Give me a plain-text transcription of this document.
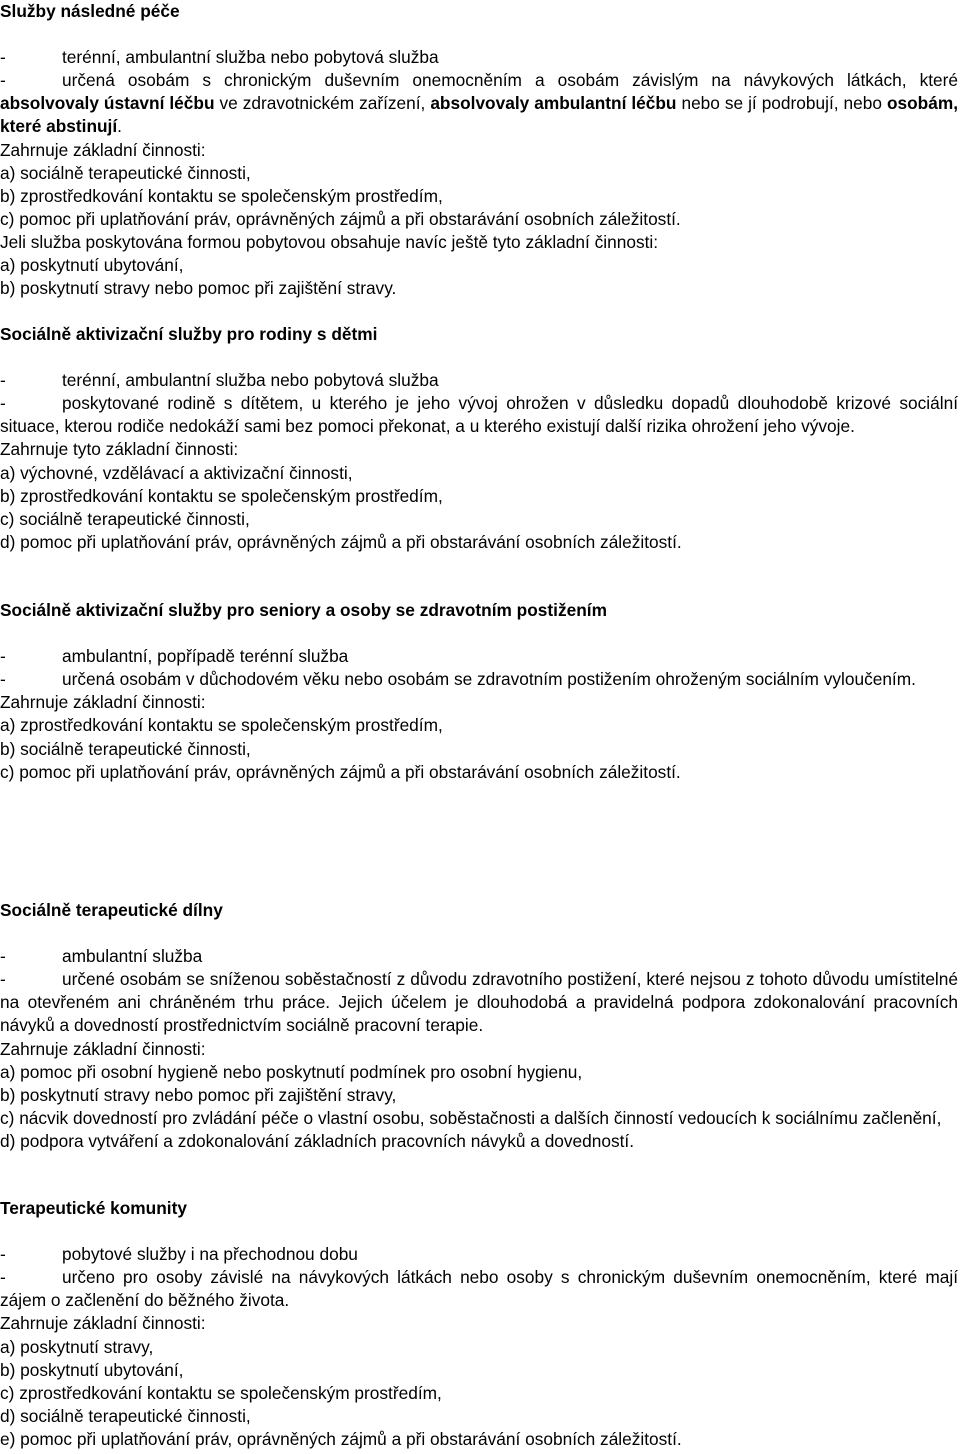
Služby následné péče

-	terénní, ambulantní služba nebo pobytová služba

-	určená osobám s chronickým duševním onemocněním a osobám závislým na návykových látkách, které absolvovaly ústavní léčbu ve zdravotnickém zařízení, absolvovaly ambulantní léčbu nebo se jí podrobují, nebo osobám, které abstinují.

Zahrnuje základní činnosti:

a) sociálně terapeutické činnosti,

b) zprostředkování kontaktu se společenským prostředím,

c) pomoc při uplatňování práv, oprávněných zájmů a při obstarávání osobních záležitostí.

Jeli služba poskytována formou pobytovou obsahuje navíc ještě tyto základní činnosti:

a) poskytnutí ubytování,

b) poskytnutí stravy nebo pomoc při zajištění stravy.

Sociálně aktivizační služby pro rodiny s dětmi

-	terénní, ambulantní služba nebo pobytová služba

-	poskytované rodině s dítětem, u kterého je jeho vývoj ohrožen v důsledku dopadů dlouhodobě krizové sociální situace, kterou rodiče nedokáží sami bez pomoci překonat, a u kterého existují další rizika ohrožení jeho vývoje.

Zahrnuje tyto základní činnosti:

a) výchovné, vzdělávací a aktivizační činnosti,

b) zprostředkování kontaktu se společenským prostředím,

c) sociálně terapeutické činnosti,

d) pomoc při uplatňování práv, oprávněných zájmů a při obstarávání osobních záležitostí.

Sociálně aktivizační služby pro seniory a osoby se zdravotním postižením

-	ambulantní, popřípadě terénní služba

-	určená osobám v důchodovém věku nebo osobám se zdravotním postižením ohroženým sociálním vyloučením.

Zahrnuje základní činnosti:

a) zprostředkování kontaktu se společenským prostředím,

b) sociálně terapeutické činnosti,

c) pomoc při uplatňování práv, oprávněných zájmů a při obstarávání osobních záležitostí.

Sociálně terapeutické dílny

-	ambulantní služba

-	určené osobám se sníženou soběstačností z důvodu zdravotního postižení, které nejsou z tohoto důvodu umístitelné na otevřeném ani chráněném trhu práce. Jejich účelem je dlouhodobá a pravidelná podpora zdokonalování pracovních návyků a dovedností prostřednictvím sociálně pracovní terapie.

Zahrnuje základní činnosti:

a) pomoc při osobní hygieně nebo poskytnutí podmínek pro osobní hygienu,

b) poskytnutí stravy nebo pomoc při zajištění stravy,

c) nácvik dovedností pro zvládání péče o vlastní osobu, soběstačnosti a dalších činností vedoucích k sociálnímu začlenění,

d) podpora vytváření a zdokonalování základních pracovních návyků a dovedností.

Terapeutické komunity

-	pobytové služby i na přechodnou dobu

-	určeno pro osoby závislé na návykových látkách nebo osoby s chronickým duševním onemocněním, které mají zájem o začlenění do běžného života.

Zahrnuje základní činnosti:

a) poskytnutí stravy,

b) poskytnutí ubytování,

c) zprostředkování kontaktu se společenským prostředím,

d) sociálně terapeutické činnosti,

e) pomoc při uplatňování práv, oprávněných zájmů a při obstarávání osobních záležitostí.
